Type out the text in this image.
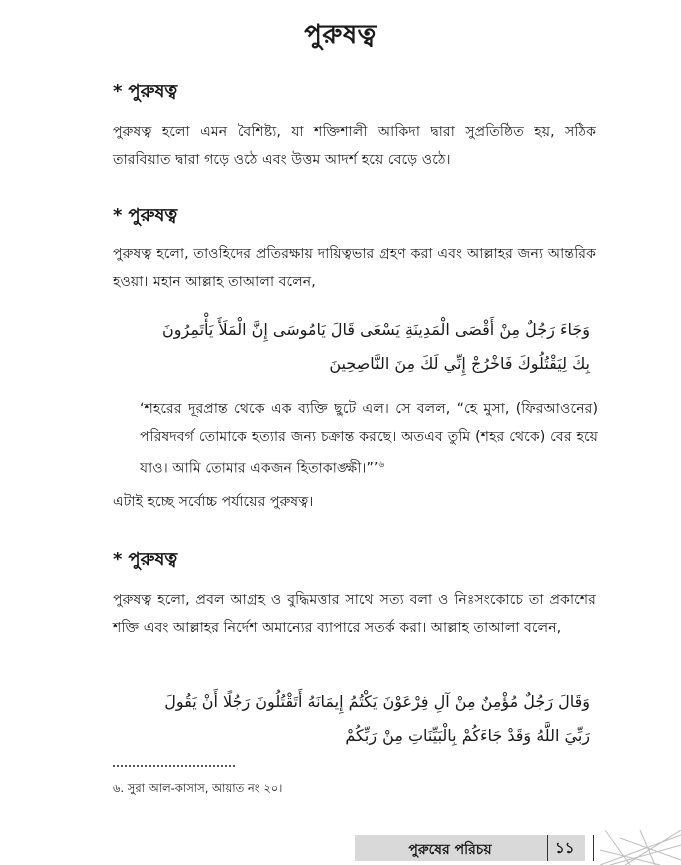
পুরুষত্ব
* পুরুষত্ব
পুরুষত্ব হলো এমন বৈশিষ্ট্য, যা শক্তিশালী আকিদা দ্বারা সুপ্রতিষ্ঠিত হয়, সঠিক তারবিয়াত দ্বারা গড়ে ওঠে এবং উত্তম আদর্শ হয়ে বেড়ে ওঠে।
* পুরুষত্ব
পুরুষত্ব হলো, তাওহিদের প্রতিরক্ষায় দায়িত্বভার গ্রহণ করা এবং আল্লাহর জন্য আন্তরিক হওয়া। মহান আল্লাহ তাআলা বলেন,
وَجَاءَ رَجُلٌ مِنْ أَقْصَى الْمَدِينَةِ يَسْعَى قَالَ يَامُوسَى إِنَّ الْمَلَأَ يَأْتَمِرُونَ بِكَ لِيَقْتُلُوكَ فَاخْرُجْ إِنِّي لَكَ مِنَ النَّاصِحِينَ
‘শহরের দূরপ্রান্ত থেকে এক ব্যক্তি ছুটে এল। সে বলল, “হে মুসা, (ফিরআওনের) পরিষদবর্গ তোমাকে হত্যার জন্য চক্রান্ত করছে। অতএব তুমি (শহর থেকে) বের হয়ে যাও। আমি তোমার একজন হিতাকাঙ্ক্ষী।”’$^৬$
এটাই হচ্ছে সর্বোচ্চ পর্যায়ের পুরুষত্ব।
* পুরুষত্ব
পুরুষত্ব হলো, প্রবল আগ্রহ ও বুদ্ধিমত্তার সাথে সত্য বলা ও নিঃসংকোচে তা প্রকাশের শক্তি এবং আল্লাহর নির্দেশ অমান্যের ব্যাপারে সতর্ক করা। আল্লাহ তাআলা বলেন,
وَقَالَ رَجُلٌ مُؤْمِنٌ مِنْ آلِ فِرْعَوْنَ يَكْتُمُ إِيمَانَهُ أَتَقْتُلُونَ رَجُلًا أَنْ يَقُولَ رَبِّيَ اللَّهُ وَقَدْ جَاءَكُمْ بِالْبَيِّنَاتِ مِنْ رَبِّكُمْ
৬. সুরা আল-কাসাস, আয়াত নং ২০।
পুরুষের পরিচয়	১১
